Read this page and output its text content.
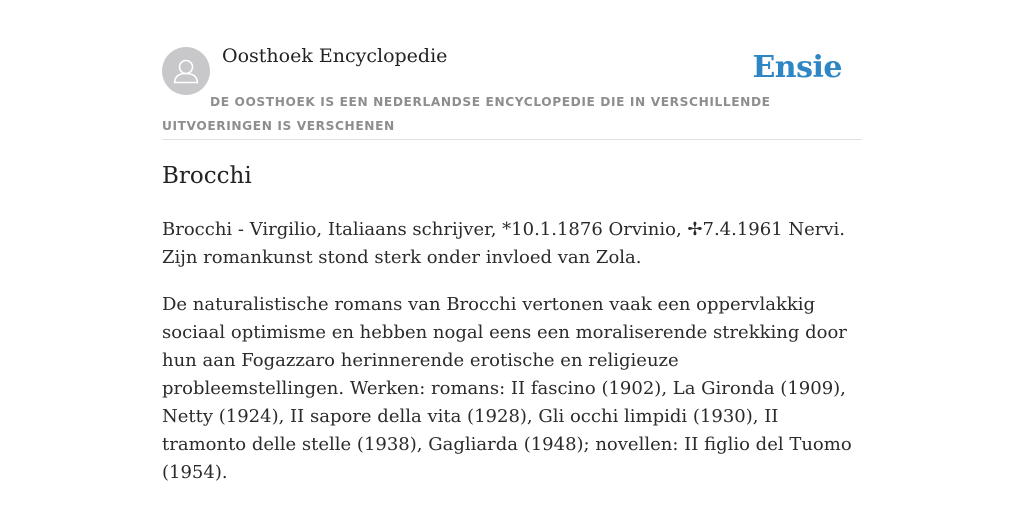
Oosthoek Encyclopedie	Ensie
DE OOSTHOEK IS EEN NEDERLANDSE ENCYCLOPEDIE DIE IN VERSCHILLENDE UITVOERINGEN IS VERSCHENEN
Brocchi

Brocchi - Virgilio, Italiaans schrijver, *10.1.1876 Orvinio, ✢7.4.1961 Nervi. Zijn romankunst stond sterk onder invloed van Zola.

De naturalistische romans van Brocchi vertonen vaak een oppervlakkig sociaal optimisme en hebben nogal eens een moraliserende strekking door hun aan Fogazzaro herinnerende erotische en religieuze probleemstellingen. Werken: romans: II fascino (1902), La Gironda (1909), Netty (1924), II sapore della vita (1928), Gli occhi limpidi (1930), II tramonto delle stelle (1938), Gagliarda (1948); novellen: II figlio del Tuomo (1954).
